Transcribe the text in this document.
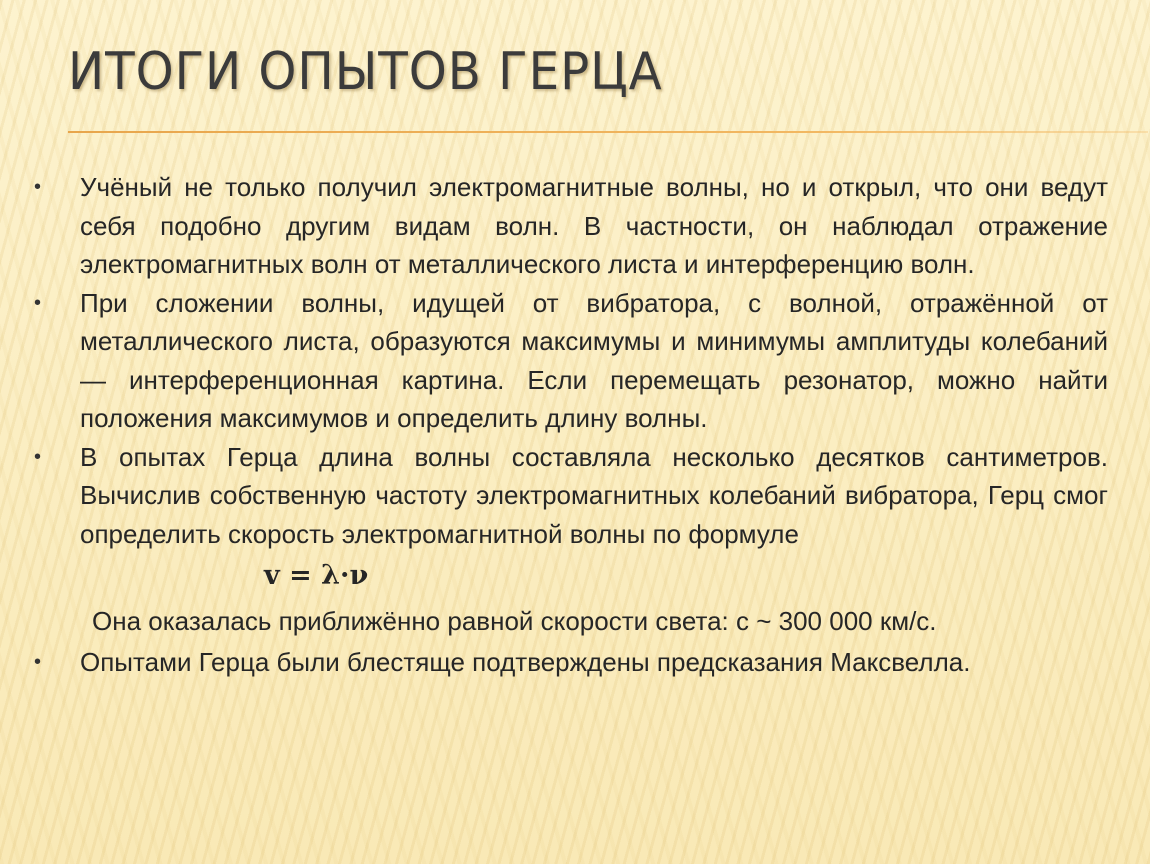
ИТОГИ ОПЫТОВ ГЕРЦА
•	Учёный не только получил электромагнитные волны, но и открыл, что они ведут себя подобно другим видам волн. В частности, он наблюдал отражение электромагнитных волн от металлического листа и интерференцию волн.
•	При сложении волны, идущей от вибратора, с волной, отражённой от металлического листа, образуются максимумы и минимумы амплитуды колебаний — интерференционная картина. Если перемещать резонатор, можно найти положения максимумов и определить длину волны.
•	В опытах Герца длина волны составляла несколько десятков сантиметров. Вычислив собственную частоту электромагнитных колебаний вибратора, Герц смог определить скорость электромагнитной волны по формуле
v = λ·ν
Она оказалась приближённо равной скорости света: с ~ 300 000 км/с.
•	Опытами Герца были блестяще подтверждены предсказания Максвелла.
